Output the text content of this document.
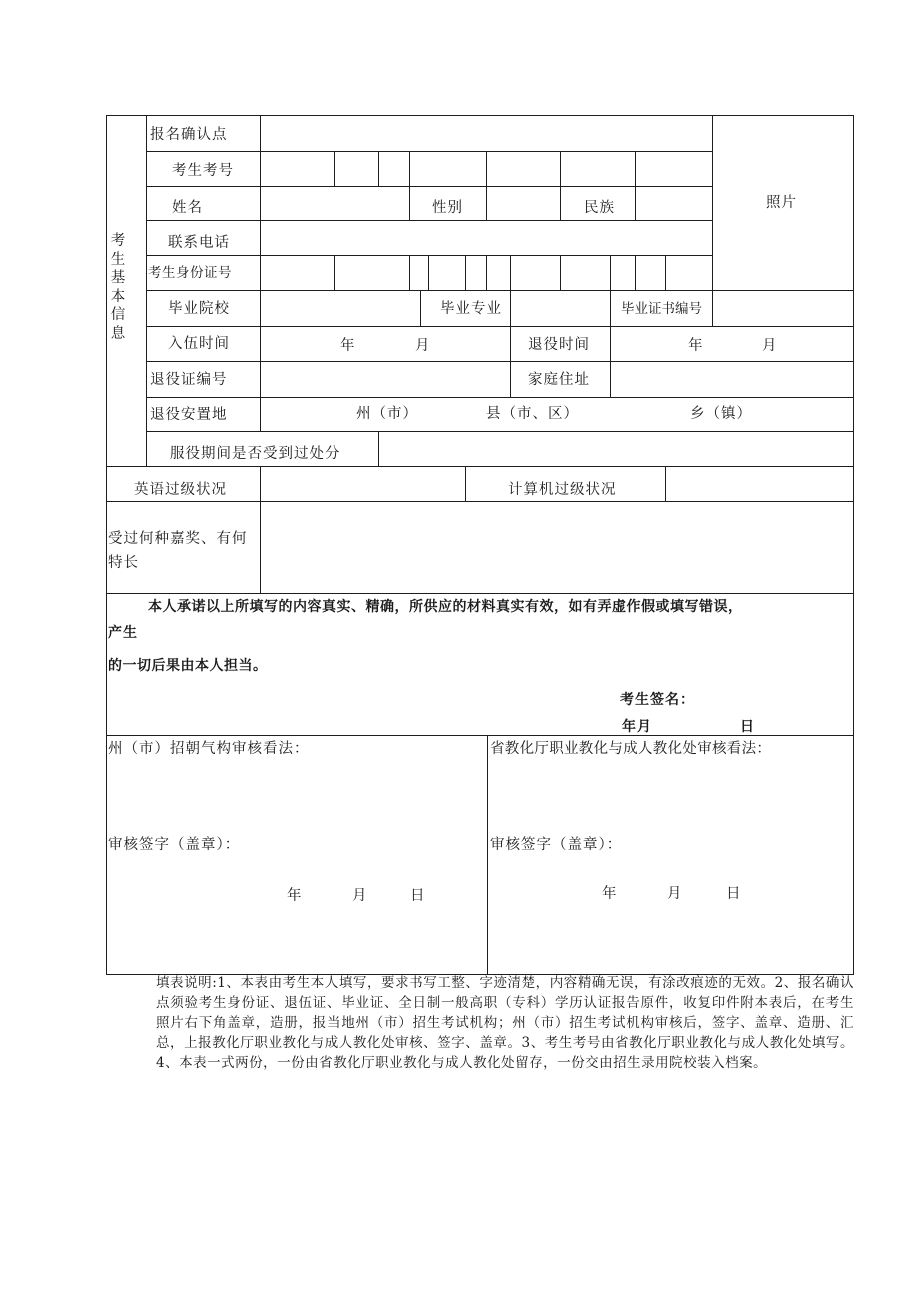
考
生
基
本
信
息
报名确认点
考生考号
姓名	性别	民族	照片
联系电话
考生身份证号
毕业院校	毕业专业	毕业证书编号
入伍时间	年	月	退役时间	年	月
退役证编号	家庭住址
退役安置地	州（市）	县（市、区）	乡（镇）
服役期间是否受到过处分
英语过级状况	计算机过级状况
受过何种嘉奖、有何特长
本人承诺以上所填写的内容真实、精确，所供应的材料真实有效，如有弄虚作假或填写错误，
产生
的一切后果由本人担当。
考生签名：
年月	日
州（市）招朝气构审核看法：	省教化厅职业教化与成人教化处审核看法：
审核签字（盖章）：	审核签字（盖章）：
年	月	日	年	月	日
填表说明:1、本表由考生本人填写，要求书写工整、字迹清楚，内容精确无误，有涂改痕迹的无效。2、报名确认点须验考生身份证、退伍证、毕业证、全日制一般高职（专科）学历认证报告原件，收复印件附本表后，在考生照片右下角盖章，造册，报当地州（市）招生考试机构；州（市）招生考试机构审核后，签字、盖章、造册、汇总，上报教化厅职业教化与成人教化处审核、签字、盖章。3、考生考号由省教化厅职业教化与成人教化处填写。4、本表一式两份，一份由省教化厅职业教化与成人教化处留存，一份交由招生录用院校装入档案。
